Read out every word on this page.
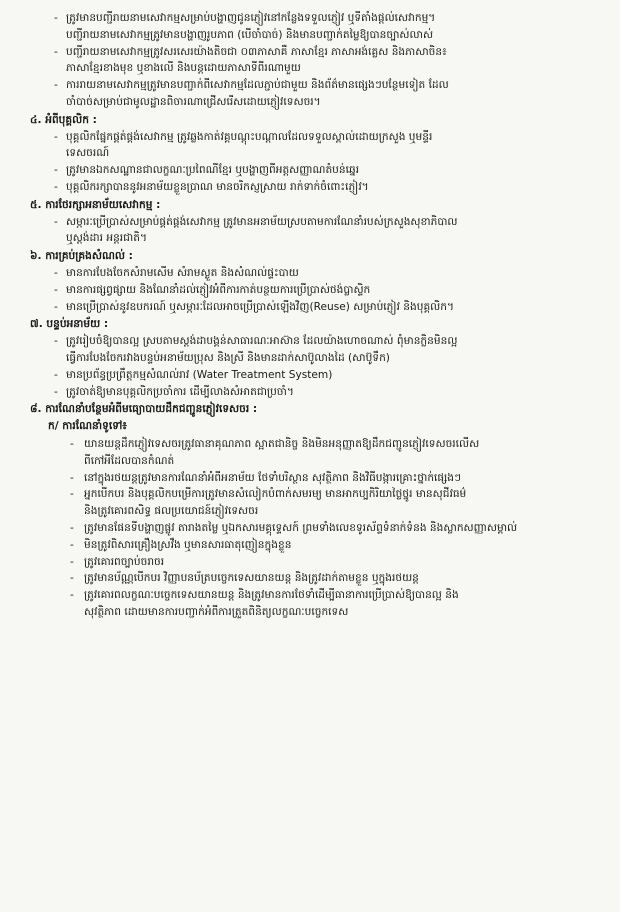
- ត្រូវមានបញ្ជីរាយនាមសេវាកម្មសម្រាប់បង្ហាញជូនភ្ញៀវនៅកន្លែងទទួលភ្ញៀវ ឬទីតាំងផ្តល់សេវាកម្ម។
បញ្ជីរាយនាមសេវាកម្មត្រូវមានបង្ហាញរូបភាព (បើចាំបាច់) និងមានបញ្ជាក់តម្លៃឱ្យបានច្បាស់លាស់
- បញ្ជីរាយនាមសេវាកម្មត្រូវសរសេរយ៉ាងតិចជា ០៣ភាសាគឺ ភាសាខ្មែរ ភាសាអង់គ្លេស និងភាសាចិន៖
ភាសាខ្មែរខាងមុខ ឬខាងលើ និងបន្តដោយភាសាទីពីរណាមួយ
- ការរាយនាមសេវាកម្មត្រូវមានបញ្ជាក់ពីសេវាកម្មដែលភ្ជាប់ជាមួយ និងព័ត៌មានផ្សេងៗបន្ថែមទៀត ដែល
ចាំបាច់សម្រាប់ជាមូលដ្ឋានពិចារណាជ្រើសរើសដោយភ្ញៀវទេសចរ។
៤. អំពីបុគ្គលិក :
- បុគ្គលិកផ្នែកផ្គត់ផ្គង់សេវាកម្ម ត្រូវឆ្លងកាត់វគ្គបណ្តុះបណ្តាលដែលទទួលស្គាល់ដោយក្រសួង ឬមន្ទីរ
ទេសចរណ៍
- ត្រូវមានឯកសណ្ឋានជាលក្ខណៈប្រពៃណីខ្មែរ ឬបង្ហាញពីអត្តសញ្ញាណតំបន់ឆ្នេរ
- បុគ្គលិករក្សាបាននូវអនាម័យខ្លួនប្រាណ មានចរិកស្ញស្រាយ រាក់ទាក់ចំពោះភ្ញៀវ។
៥. ការថែរក្សាអនាម័យសេវាកម្ម :
- សម្ភារៈប្រើប្រាស់សម្រាប់ផ្គត់ផ្គង់សេវាកម្ម ត្រូវមានអនាម័យស្របតាមការណែនាំរបស់ក្រសួងសុខាភិបាល
ឬស្តង់ដារ អន្តរជាតិ។
៦. ការគ្រប់គ្រងសំណល់ :
- មានការបែងចែកសំរាមសើម សំរាមស្ងួត និងសំណល់ផ្ទះបាយ
- មានការផ្សព្វផ្សាយ និងណែនាំដល់ភ្ញៀវអំពីការកាត់បន្ថយការប្រើប្រាស់ថង់ប្លាស្ទិក
- មានប្រើប្រាស់នូវឧបករណ៍ ឬសម្ភារៈដែលអាចប្រើប្រាស់ឡើងវិញ(Reuse) សម្រាប់ភ្ញៀវ និងបុគ្គលិក។
៧. បន្ទប់អនាម័យ :
- ត្រូវរៀបចំឱ្យបានល្អ ស្របតាមស្តង់ដាបង្គន់សាធារណៈអាស៊ាន ដែលយ៉ាងហោចណាស់ ពុំមានក្លិនមិនល្អ
ធ្វើការបែងចែករវាងបន្ទប់អនាម័យប្រុស និងស្រី និងមានដាក់សាប៊ូលាងដៃ (សាប៊ូទឹក)
- មានប្រព័ន្ធប្រព្រឹត្តកម្មសំណល់រាវ (Water Treatment System)
- ត្រូវចាត់ឱ្យមានបុគ្គលិកប្រចាំការ ដើម្បីលាងសំអាតជាប្រចាំ។
៨. ការណែនាំបន្ថែមអំពីមធ្យោបាយដឹកជញ្ជូនភ្ញៀវទេសចរ :
ក/ ការណែនាំទូទៅ៖
- យានយន្តដឹកភ្ញៀវទេសចរត្រូវធានាគុណភាព ស្អាតជានិច្ច និងមិនអនុញ្ញាតឱ្យដឹកជញ្ជូនភ្ញៀវទេសចរលើស
ពីកៅអីដែលបានកំណត់
- នៅក្នុងរថយន្តត្រូវមានការណែនាំអំពីអនាម័យ ថែទាំបរិស្ថាន សុវត្ថិភាព និងវិធីបង្ការគ្រោះថ្នាក់ផ្សេងៗ
- អ្នកបើកបរ និងបុគ្គលិកបម្រើការត្រូវមានសំលៀកបំពាក់សមរម្យ មានអាកប្បកិរិយាថ្លៃថ្នូរ មានសុជីវធម៌
និងត្រូវគោរពសិទ្ធ ផលប្រយោជន៍ភ្ញៀវទេសចរ
- ត្រូវមានផែនទីបង្ហាញផ្លូវ តារាងតម្លៃ ឬឯកសារមគ្គុទ្ទេសក៍ ព្រមទាំងលេខទូរស័ព្ទទំនាក់ទំនង និងស្លាកសញ្ញាសម្គាល់
- មិនត្រូវពិសារគ្រឿងស្រវឹង ឬមានសារធាតុញៀនក្នុងខ្លួន
- ត្រូវគោរពច្បាប់ចរាចរ
- ត្រូវមានប័ណ្ណបើកបរ វិញ្ញាបនប័ត្របច្ចេកទេសយានយន្ត និងត្រូវដាក់តាមខ្លួន ឬក្នុងរថយន្ត
- ត្រូវគោរពលក្ខណៈបច្ចេកទេសយានយន្ត និងត្រូវមានការថែទាំដើម្បីធានាការប្រើប្រាស់ឱ្យបានល្អ និង
សុវត្ថិភាព ដោយមានការបញ្ជាក់អំពីការត្រួតពិនិត្យលក្ខណៈបច្ចេកទេស
